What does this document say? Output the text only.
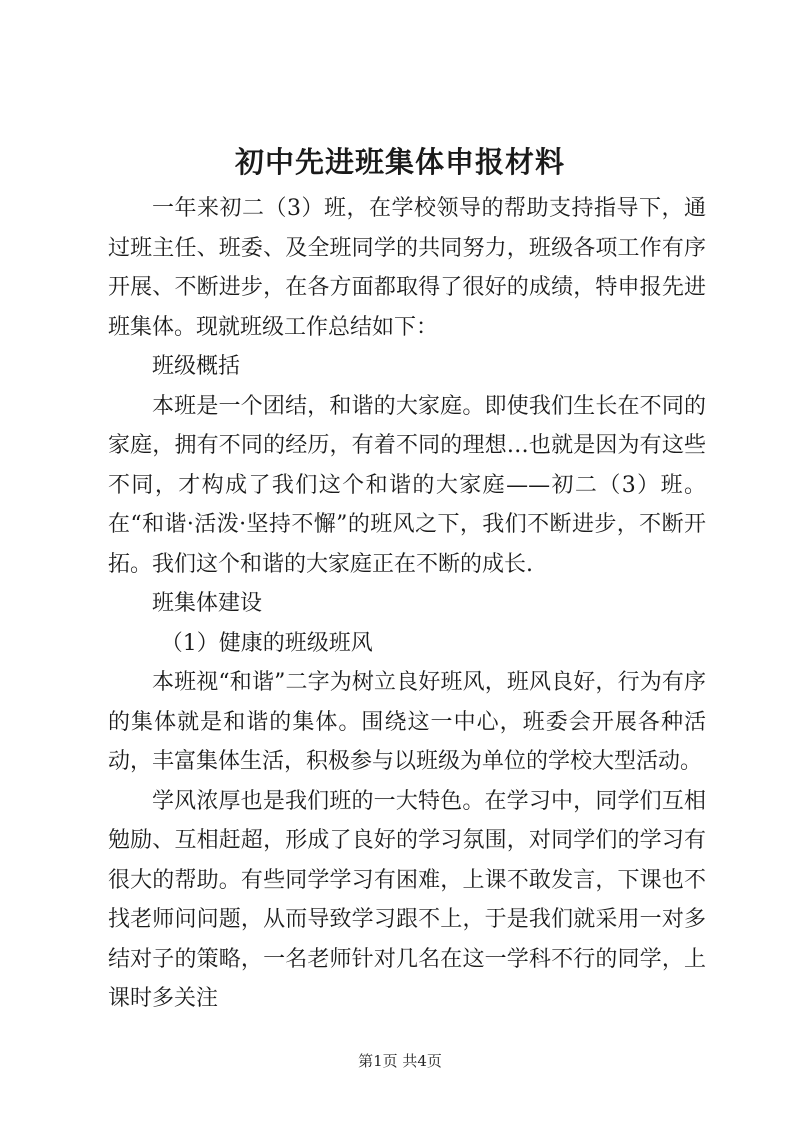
初中先进班集体申报材料

一年来初二（3）班，在学校领导的帮助支持指导下，通过班主任、班委、及全班同学的共同努力，班级各项工作有序开展、不断进步，在各方面都取得了很好的成绩，特申报先进班集体。现就班级工作总结如下：

班级概括

本班是一个团结，和谐的大家庭。即使我们生长在不同的家庭，拥有不同的经历，有着不同的理想…也就是因为有这些不同，才构成了我们这个和谐的大家庭——初二（3）班。在“和谐·活泼·坚持不懈”的班风之下，我们不断进步，不断开拓。我们这个和谐的大家庭正在不断的成长.

班集体建设

（1）健康的班级班风

本班视“和谐”二字为树立良好班风，班风良好，行为有序的集体就是和谐的集体。围绕这一中心，班委会开展各种活动，丰富集体生活，积极参与以班级为单位的学校大型活动。

学风浓厚也是我们班的一大特色。在学习中，同学们互相勉励、互相赶超，形成了良好的学习氛围，对同学们的学习有很大的帮助。有些同学学习有困难，上课不敢发言，下课也不找老师问问题，从而导致学习跟不上，于是我们就采用一对多结对子的策略，一名老师针对几名在这一学科不行的同学，上课时多关注

第1页 共4页
